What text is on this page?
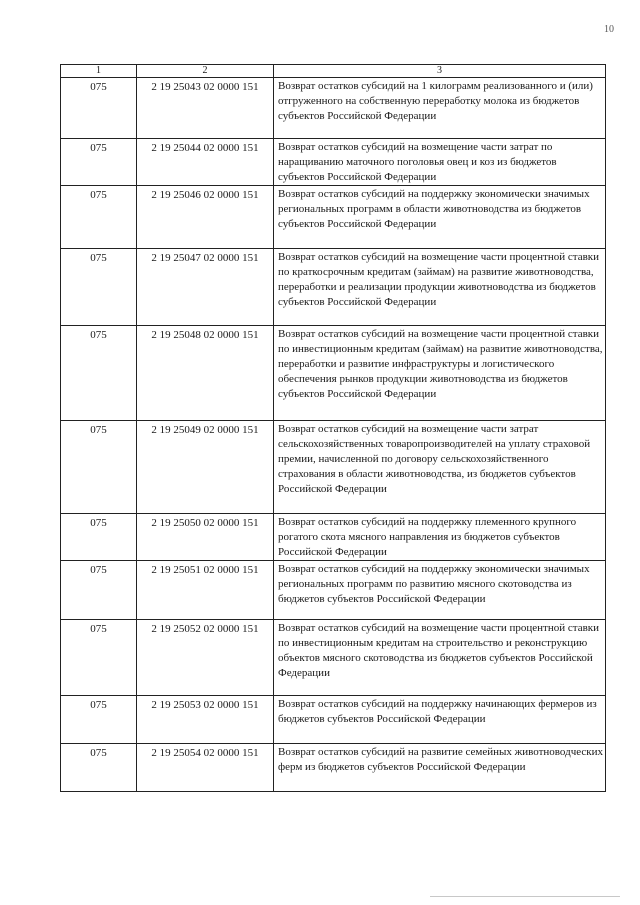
10
1	2	3
075	2 19 25043 02 0000 151	Возврат остатков субсидий на 1 килограмм реализованного и (или) отгруженного на собственную переработку молока из бюджетов субъектов Российской Федерации
075	2 19 25044 02 0000 151	Возврат остатков субсидий на возмещение части затрат по наращиванию маточного поголовья овец и коз из бюджетов субъектов Российской Федерации
075	2 19 25046 02 0000 151	Возврат остатков субсидий на поддержку экономически значимых региональных программ в области животноводства из бюджетов субъектов Российской Федерации
075	2 19 25047 02 0000 151	Возврат остатков субсидий на возмещение части процентной ставки по краткосрочным кредитам (займам) на развитие животноводства, переработки и реализации продукции животноводства из бюджетов субъектов Российской Федерации
075	2 19 25048 02 0000 151	Возврат остатков субсидий на возмещение части процентной ставки по инвестиционным кредитам (займам) на развитие животноводства, переработки и развитие инфраструктуры и логистического обеспечения рынков продукции животноводства из бюджетов субъектов Российской Федерации
075	2 19 25049 02 0000 151	Возврат остатков субсидий на возмещение части затрат сельскохозяйственных товаропроизводителей на уплату страховой премии, начисленной по договору сельскохозяйственного страхования в области животноводства, из бюджетов субъектов Российской Федерации
075	2 19 25050 02 0000 151	Возврат остатков субсидий на поддержку племенного крупного рогатого скота мясного направления из бюджетов субъектов Российской Федерации
075	2 19 25051 02 0000 151	Возврат остатков субсидий на поддержку экономически значимых региональных программ по развитию мясного скотоводства из бюджетов субъектов Российской Федерации
075	2 19 25052 02 0000 151	Возврат остатков субсидий на возмещение части процентной ставки по инвестиционным кредитам на строительство и реконструкцию объектов мясного скотоводства из бюджетов субъектов Российской Федерации
075	2 19 25053 02 0000 151	Возврат остатков субсидий на поддержку начинающих фермеров из бюджетов субъектов Российской Федерации
075	2 19 25054 02 0000 151	Возврат остатков субсидий на развитие семейных животноводческих ферм из бюджетов субъектов Российской Федерации
